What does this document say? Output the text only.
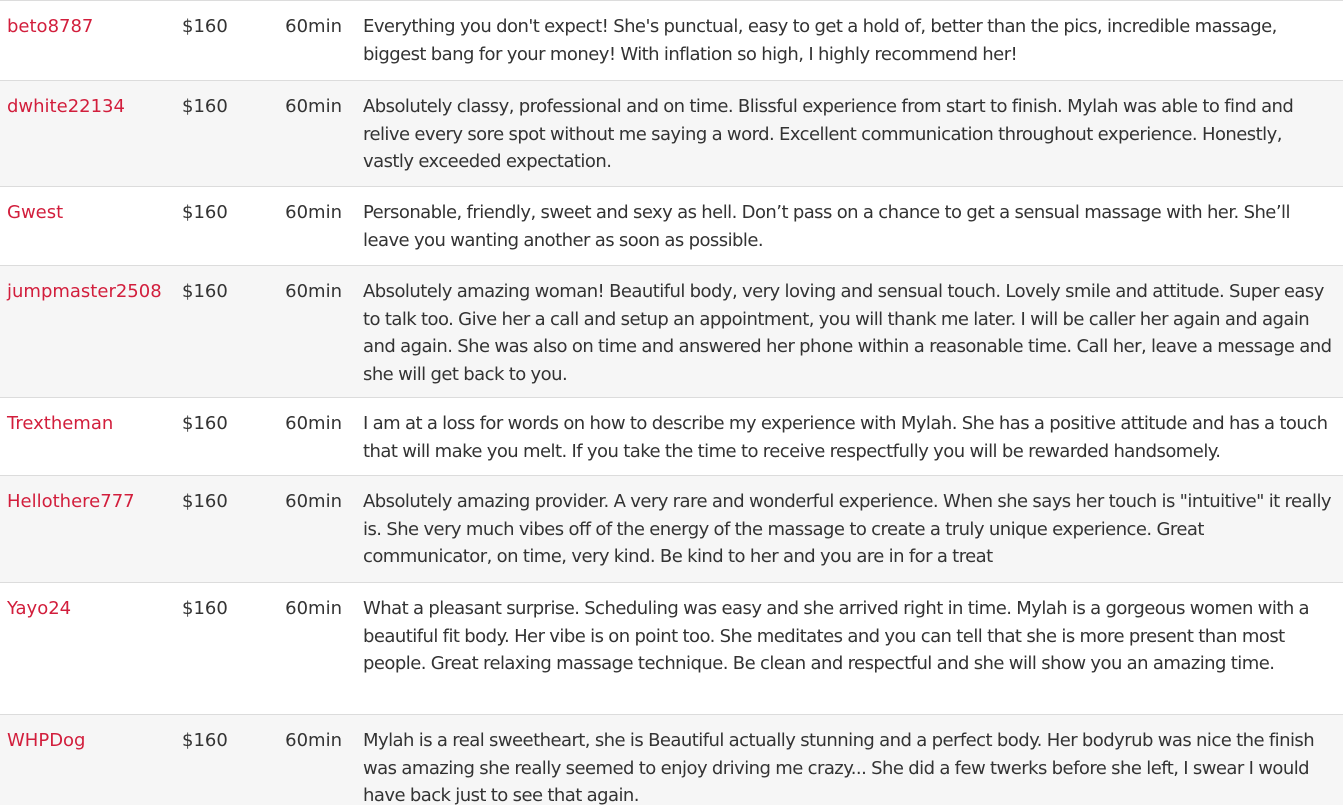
beto8787	$160	60min	Everything you don't expect! She's punctual, easy to get a hold of, better than the pics, incredible massage, biggest bang for your money! With inflation so high, I highly recommend her!
dwhite22134	$160	60min	Absolutely classy, professional and on time. Blissful experience from start to finish. Mylah was able to find and relive every sore spot without me saying a word. Excellent communication throughout experience. Honestly, vastly exceeded expectation.
Gwest	$160	60min	Personable, friendly, sweet and sexy as hell. Don’t pass on a chance to get a sensual massage with her. She’ll leave you wanting another as soon as possible.
jumpmaster2508	$160	60min	Absolutely amazing woman! Beautiful body, very loving and sensual touch. Lovely smile and attitude. Super easy to talk too. Give her a call and setup an appointment, you will thank me later. I will be caller her again and again and again. She was also on time and answered her phone within a reasonable time. Call her, leave a message and she will get back to you.
Trextheman	$160	60min	I am at a loss for words on how to describe my experience with Mylah. She has a positive attitude and has a touch that will make you melt. If you take the time to receive respectfully you will be rewarded handsomely.
Hellothere777	$160	60min	Absolutely amazing provider. A very rare and wonderful experience. When she says her touch is "intuitive" it really is. She very much vibes off of the energy of the massage to create a truly unique experience. Great communicator, on time, very kind. Be kind to her and you are in for a treat
Yayo24	$160	60min	What a pleasant surprise. Scheduling was easy and she arrived right in time. Mylah is a gorgeous women with a beautiful fit body. Her vibe is on point too. She meditates and you can tell that she is more present than most people. Great relaxing massage technique. Be clean and respectful and she will show you an amazing time.
WHPDog	$160	60min	Mylah is a real sweetheart, she is Beautiful actually stunning and a perfect body. Her bodyrub was nice the finish was amazing she really seemed to enjoy driving me crazy... She did a few twerks before she left, I swear I would have back just to see that again.
